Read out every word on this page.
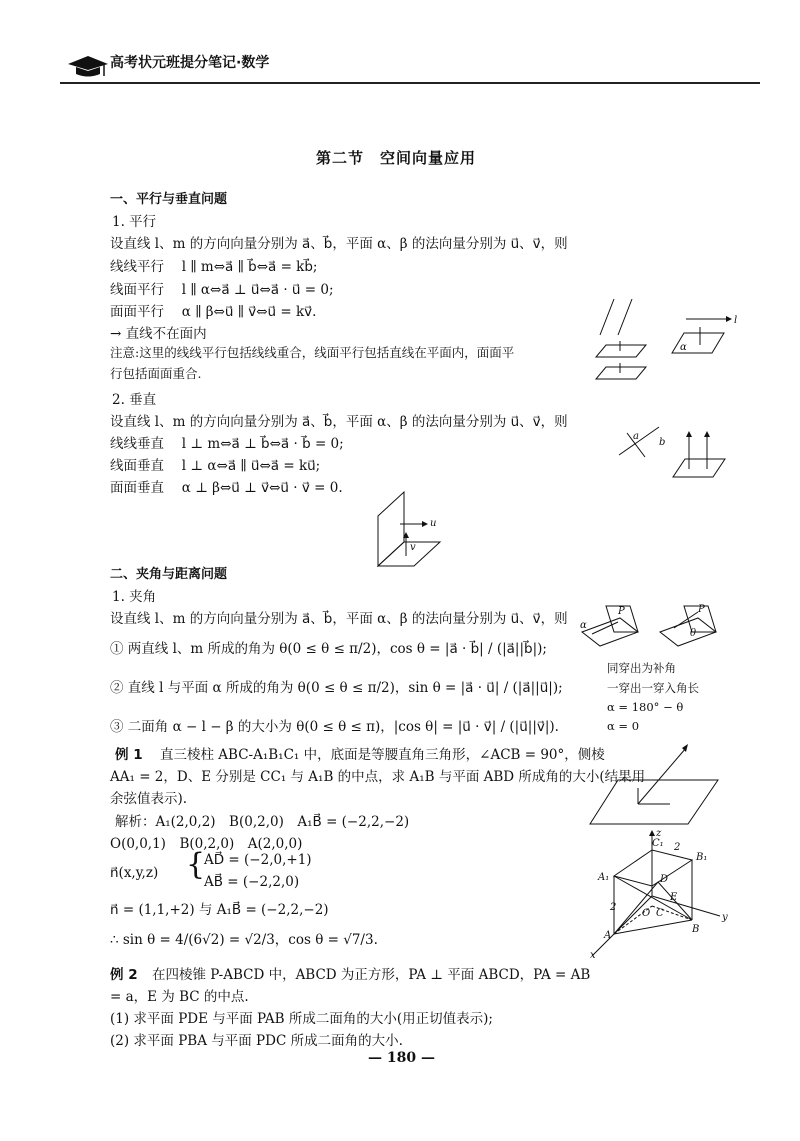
高考状元班提分笔记·数学
第二节　空间向量应用
一、平行与垂直问题
1. 平行
设直线 l、m 的方向向量分别为 a⃗、b⃗，平面 α、β 的法向量分别为 u⃗、v⃗，则
线线平行　 l ∥ m⇔a⃗ ∥ b⃗⇔a⃗ = kb⃗;
线面平行　 l ∥ α⇔a⃗ ⊥ u⃗⇔a⃗ · u⃗ = 0;
面面平行　 α ∥ β⇔u⃗ ∥ v⃗⇔u⃗ = kv⃗.
→ 直线不在面内
注意:这里的线线平行包括线线重合，线面平行包括直线在平面内，面面平
行包括面面重合.
2. 垂直
设直线 l、m 的方向向量分别为 a⃗、b⃗，平面 α、β 的法向量分别为 u⃗、v⃗，则
线线垂直　 l ⊥ m⇔a⃗ ⊥ b⃗⇔a⃗ · b⃗ = 0;
线面垂直　 l ⊥ α⇔a⃗ ∥ u⃗⇔a⃗ = ku⃗;
面面垂直　 α ⊥ β⇔u⃗ ⊥ v⃗⇔u⃗ · v⃗ = 0.
l
α
a
b
u
v
二、夹角与距离问题
1. 夹角
设直线 l、m 的方向向量分别为 a⃗、b⃗，平面 α、β 的法向量分别为 u⃗、v⃗，则
① 两直线 l、m 所成的角为 θ(0 ≤ θ ≤ π/2)，cos θ = |a⃗ · b⃗| / (|a⃗||b⃗|);
② 直线 l 与平面 α 所成的角为 θ(0 ≤ θ ≤ π/2)，sin θ = |a⃗ · u⃗| / (|a⃗||u⃗|);
③ 二面角 α − l − β 的大小为 θ(0 ≤ θ ≤ π)，|cos θ| = |u⃗ · v⃗| / (|u⃗||v⃗|).
P
α
P
θ
同穿出为补角
一穿出一穿入角长
α = 180° − θ
α = 0
例 1 直三棱柱 ABC-A₁B₁C₁ 中，底面是等腰直角三角形，∠ACB = 90°，侧棱
AA₁ = 2，D、E 分别是 CC₁ 与 A₁B 的中点，求 A₁B 与平面 ABD 所成角的大小(结果用
余弦值表示).
解析：A₁(2,0,2)　B(0,2,0)　A₁B⃗ = (−2,2,−2)
O(0,0,1)　B(0,2,0)　A(2,0,0)
n⃗(x,y,z) {
AD⃗ = (−2,0,+1)
AB⃗ = (−2,2,0)
n⃗ = (1,1,+2) 与 A₁B⃗ = (−2,2,−2)
∴ sin θ = 4/(6√2) = √2/3，cos θ = √7/3.
z
y
x
C₁ 2
B₁
A₁	D
E
O C
A
B
2
例 2 在四棱锥 P-ABCD 中，ABCD 为正方形，PA ⊥ 平面 ABCD，PA = AB
= a，E 为 BC 的中点.
(1) 求平面 PDE 与平面 PAB 所成二面角的大小(用正切值表示);
(2) 求平面 PBA 与平面 PDC 所成二面角的大小.
— 180 —
